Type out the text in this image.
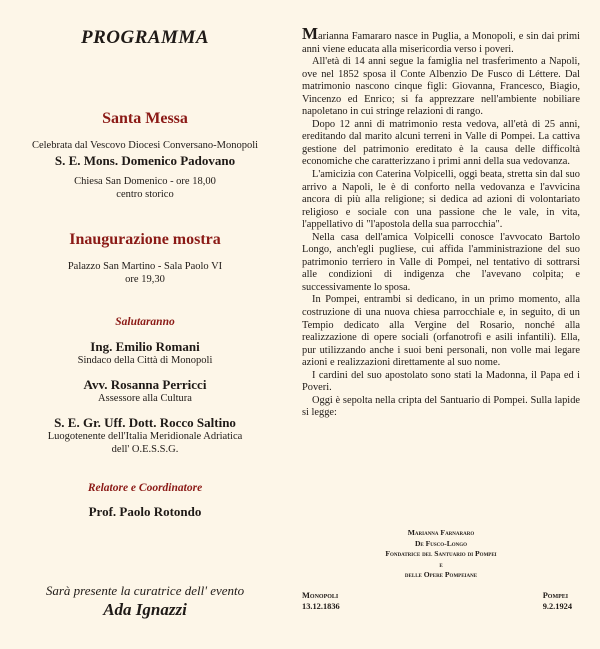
PROGRAMMA
Santa Messa
Celebrata dal Vescovo Diocesi Conversano-Monopoli
S. E. Mons. Domenico Padovano
Chiesa San Domenico - ore 18,00
centro storico
Inaugurazione mostra
Palazzo San Martino - Sala Paolo VI
ore 19,30
Salutaranno
Ing. Emilio Romani
Sindaco della Città di Monopoli
Avv. Rosanna Perricci
Assessore alla Cultura
S. E. Gr. Uff. Dott. Rocco Saltino
Luogotenente dell'Italia Meridionale Adriatica
dell' O.E.S.S.G.
Relatore e Coordinatore
Prof. Paolo Rotondo
Sarà presente la curatrice dell' evento
Ada Ignazzi

Marianna Famararo nasce in Puglia, a Monopoli, e sin dai primi anni viene educata alla misericordia verso i poveri.

All'età di 14 anni segue la famiglia nel trasferimento a Napoli, ove nel 1852 sposa il Conte Albenzio De Fusco di Léttere. Dal matrimonio nascono cinque figli: Giovanna, Francesco, Biagio, Vincenzo ed Enrico; si fa apprezzare nell'ambiente nobiliare napoletano in cui stringe relazioni di rango.

Dopo 12 anni di matrimonio resta vedova, all'età di 25 anni, ereditando dal marito alcuni terreni in Valle di Pompei. La cattiva gestione del patrimonio ereditato è la causa delle difficoltà economiche che caratterizzano i primi anni della sua vedovanza.

L'amicizia con Caterina Volpicelli, oggi beata, stretta sin dal suo arrivo a Napoli, le è di conforto nella vedovanza e l'avvicina ancora di più alla religione; si dedica ad azioni di volontariato religioso e sociale con una passione che le vale, in vita, l'appellativo di "l'apostola della sua parrocchia".

Nella casa dell'amica Volpicelli conosce l'avvocato Bartolo Longo, anch'egli pugliese, cui affida l'amministrazione del suo patrimonio terriero in Valle di Pompei, nel tentativo di sottrarsi alle condizioni di indigenza che l'avevano colpita; e successivamente lo sposa.

In Pompei, entrambi si dedicano, in un primo momento, alla costruzione di una nuova chiesa parrocchiale e, in seguito, di un Tempio dedicato alla Vergine del Rosario, nonché alla realizzazione di opere sociali (orfanotrofi e asili infantili). Ella, pur utilizzando anche i suoi beni personali, non volle mai legare azioni e realizzazioni direttamente al suo nome.

I cardini del suo apostolato sono stati la Madonna, il Papa ed i Poveri.

Oggi è sepolta nella cripta del Santuario di Pompei. Sulla lapide si legge:

Marianna Farnararo
De Fusco-Longo
Fondatrice del Santuario di Pompei
e
delle Opere Pompeiane
Monopoli
13.12.1836
Pompei
9.2.1924
